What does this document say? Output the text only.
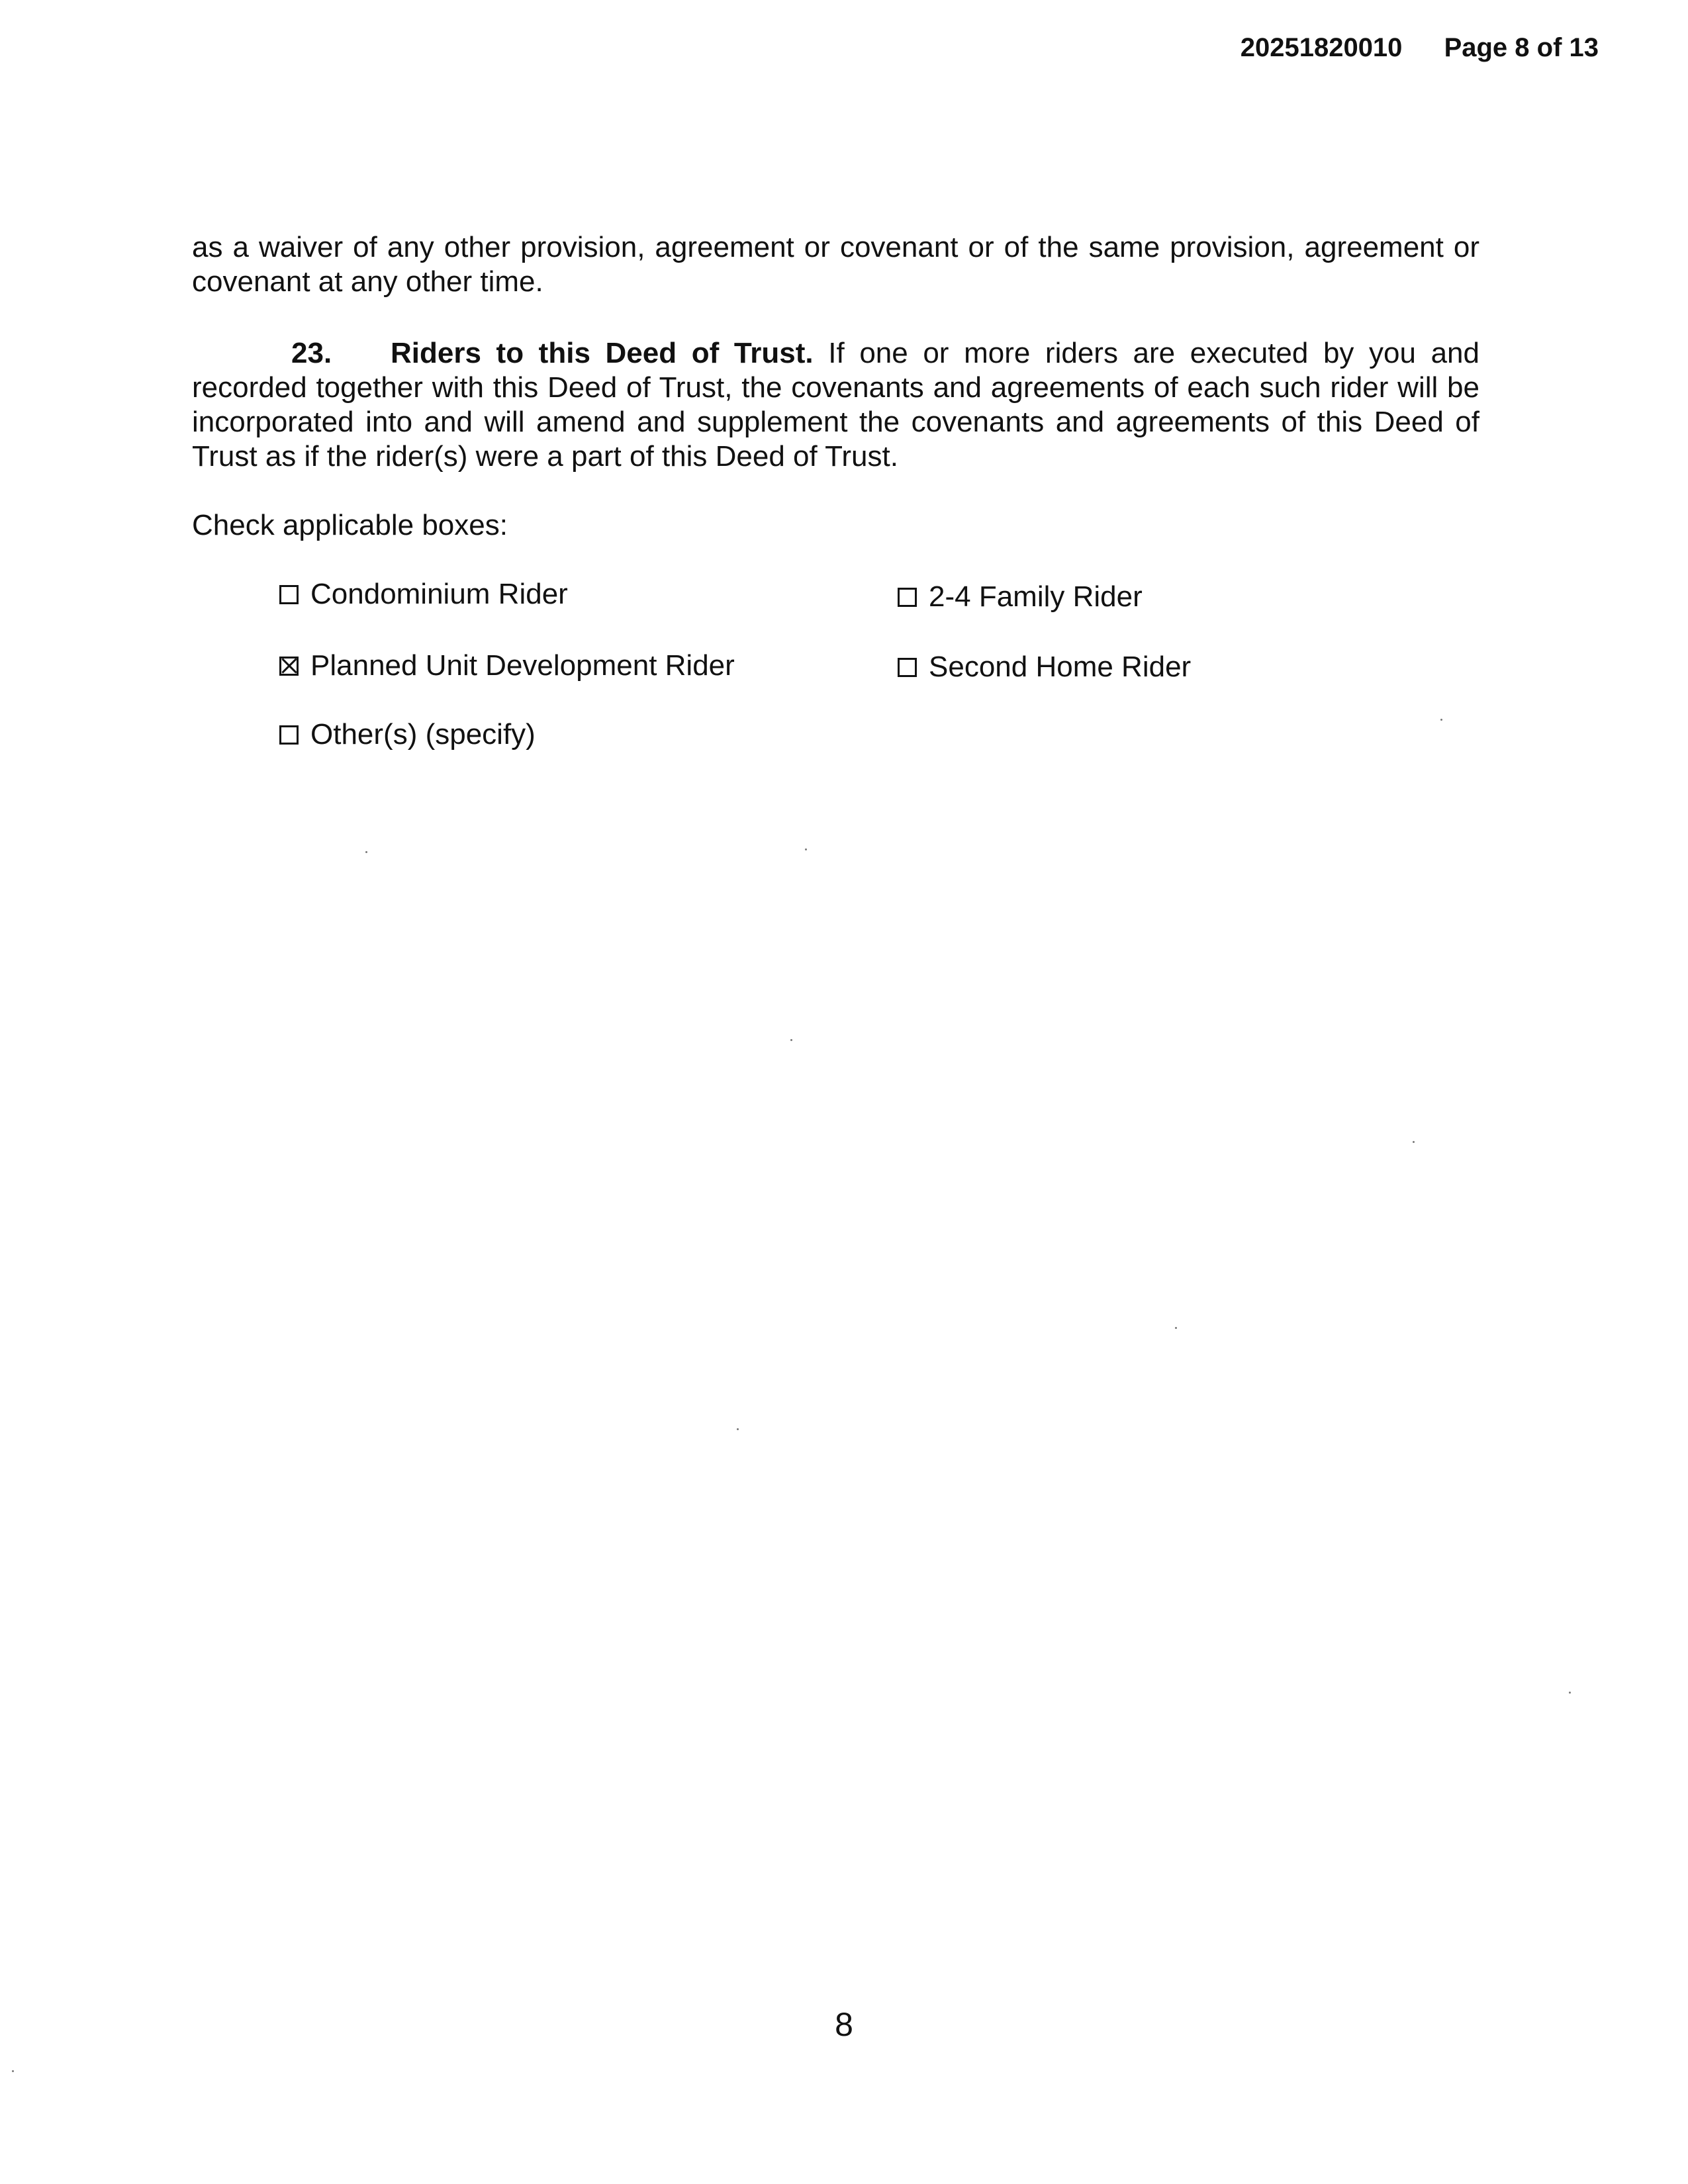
20251820010 Page 8 of 13
as a waiver of any other provision, agreement or covenant or of the same provision, agreement or covenant at any other time.
23. Riders to this Deed of Trust. If one or more riders are executed by you and recorded together with this Deed of Trust, the covenants and agreements of each such rider will be incorporated into and will amend and supplement the covenants and agreements of this Deed of Trust as if the rider(s) were a part of this Deed of Trust.
Check applicable boxes:
Condominium Rider	2-4 Family Rider
Planned Unit Development Rider	Second Home Rider
Other(s) (specify)
8
